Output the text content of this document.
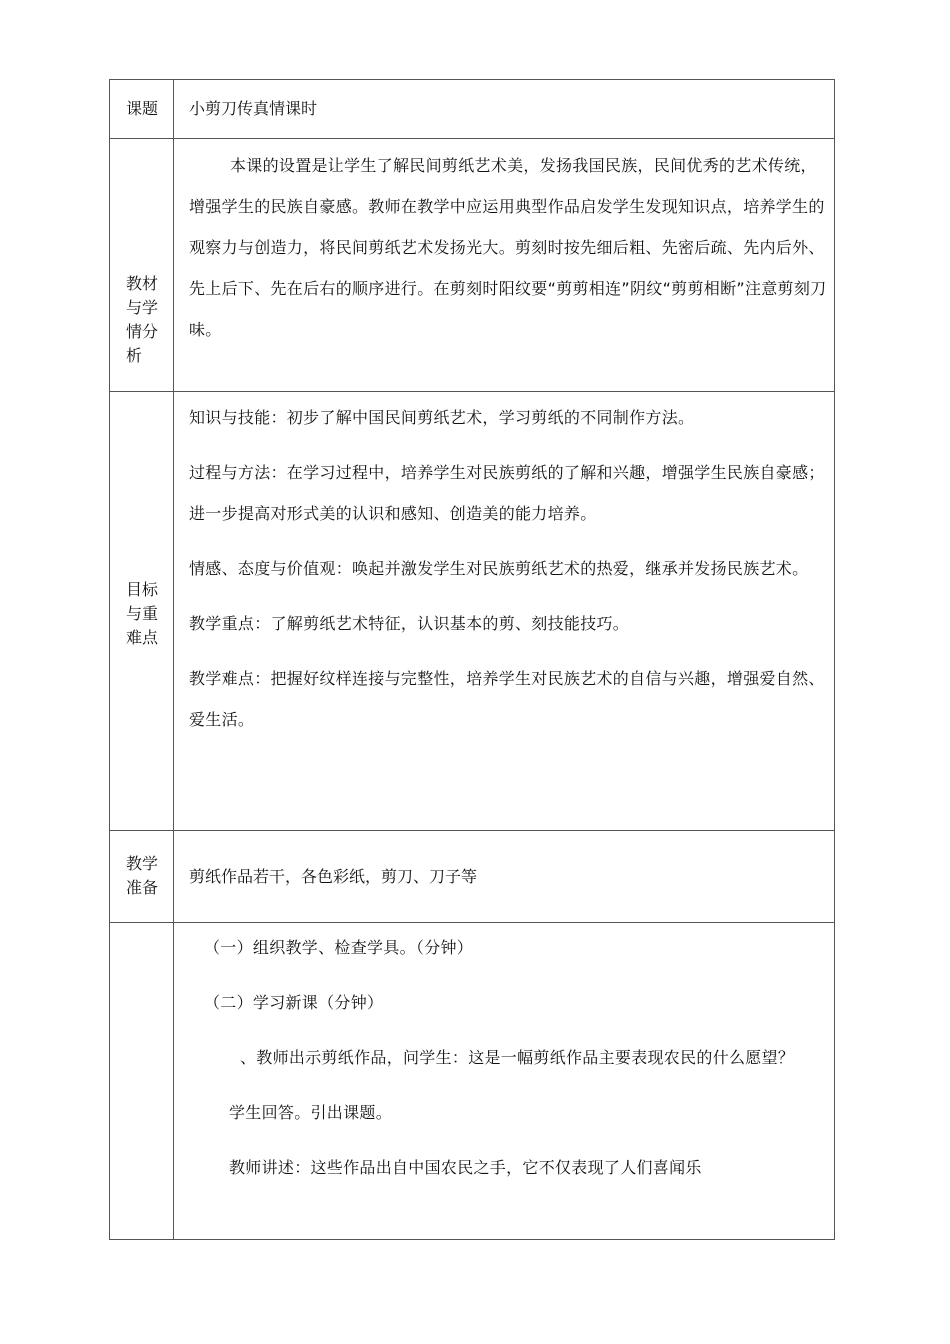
课题	小剪刀传真情课时

教材与学情分析	本课的设置是让学生了解民间剪纸艺术美，发扬我国民族，民间优秀的艺术传统，增强学生的民族自豪感。教师在教学中应运用典型作品启发学生发现知识点，培养学生的观察力与创造力，将民间剪纸艺术发扬光大。剪刻时按先细后粗、先密后疏、先内后外、先上后下、先在后右的顺序进行。在剪刻时阳纹要“剪剪相连”阴纹“剪剪相断”注意剪刻刀味。

目标与重难点	知识与技能：初步了解中国民间剪纸艺术，学习剪纸的不同制作方法。
过程与方法：在学习过程中，培养学生对民族剪纸的了解和兴趣，增强学生民族自豪感；进一步提高对形式美的认识和感知、创造美的能力培养。
情感、态度与价值观：唤起并激发学生对民族剪纸艺术的热爱，继承并发扬民族艺术。
教学重点：了解剪纸艺术特征，认识基本的剪、刻技能技巧。
教学难点：把握好纹样连接与完整性，培养学生对民族艺术的自信与兴趣，增强爱自然、爱生活。

教学准备	剪纸作品若干，各色彩纸，剪刀、刀子等

	（一）组织教学、检查学具。（分钟）
（二）学习新课（分钟）
、教师出示剪纸作品，问学生：这是一幅剪纸作品主要表现农民的什么愿望？
学生回答。引出课题。
教师讲述：这些作品出自中国农民之手，它不仅表现了人们喜闻乐
